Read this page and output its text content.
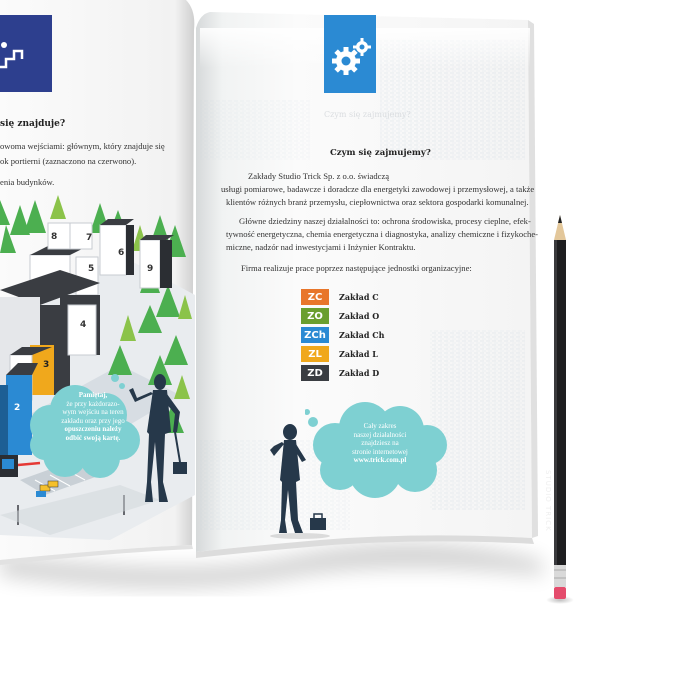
się znajduje?
owoma wejściami: głównym, który znajduje się
ok portierni (zaznaczono na czerwono).
enia budynków.
8	7
6
5	9
4
3
2
Pamiętaj,
że przy każdorazo-
wym wejściu na teren
zakładu oraz przy jego
opuszczeniu należy
odbić swoją kartę.
Czym się zajmujemy?
Czym się zajmujemy?
Zakłady Studio Trick Sp. z o.o. świadczą
usługi pomiarowe, badawcze i doradcze dla energetyki zawodowej i przemysłowej, a także
klientów różnych branż przemysłu, ciepłownictwa oraz sektora gospodarki komunalnej.
Główne dziedziny naszej działalności to: ochrona środowiska, procesy cieplne, efek-
tywność energetyczna, chemia energetyczna i diagnostyka, analizy chemiczne i fizykoche-
miczne, nadzór nad inwestycjami i Inżynier Kontraktu.
Firma realizuje prace poprzez następujące jednostki organizacyjne:
ZC	Zakład C
ZO	Zakład O
ZCh	Zakład Ch
ZL	Zakład L
ZD	Zakład D
Cały zakres
naszej działalności
znajdziesz na
stronie internetowej
www.trick.com.pl
STUDIO TRICK
